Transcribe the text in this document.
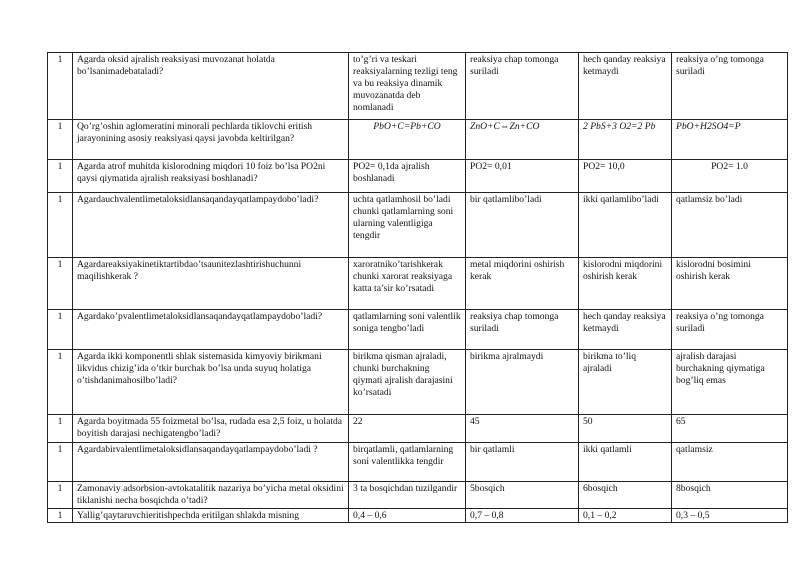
1	Agarda oksid ajralish reaksiyasi muvozanat holatda bo’lsanimadebataladi?	to’g’ri va teskari reaksiyalarning tezligi teng va bu reaksiya dinamik muvozanatda deb nomlanadi	reaksiya chap tomonga suriladi	hech qanday reaksiya ketmaydi	reaksiya o’ng tomonga suriladi
1	Qo’rg’oshin aglomeratini minorali pechlarda tiklovchi eritish jarayonining asosiy reaksiyasi qaysi javobda keltirilgan?	PbO+C=Pb+CO	ZnO+C⇔Zn+CO	2 PbS+3 O2=2 Pb	PbO+H2SO4=P
1	Agarda atrof muhitda kislorodning miqdori 10 foiz bo’lsa PO2ni qaysi qiymatida ajralish reaksiyasi boshlanadi?	PO2= 0,1da ajralish boshlanadi	PO2= 0,01	PO2= 10,0	PO2= 1.0
1	Agardauchvalentlimetaloksidlansaqandayqatlampaydobo’ladi?	uchta qatlamhosil bo’ladi chunki qatlamlarning soni ularning valentligiga tengdir	bir qatlamlibo’ladi	ikki qatlamlibo’ladi	qatlamsiz bo’ladi
1	Agardareaksiyakinetiktartibdao’tsaunitezlashtirishuchunni maqilishkerak ?	xaroratniko’tarishkerak chunki xarorat reaksiyaga katta ta’sir ko’rsatadi	metal miqdorini oshirish kerak	kislorodni miqdorini oshirish kerak	kislorodni bosimini oshirish kerak
1	Agardako’pvalentlimetaloksidlansaqandayqatlampaydobo’ladi?	qatlamlarning soni valentlik soniga tengbo’ladi	reaksiya chap tomonga suriladi	hech qanday reaksiya ketmaydi	reaksiya o’ng tomonga suriladi
1	Agarda ikki komponentli shlak sistemasida kimyoviy birikmani likvidus chizig’ida o’tkir burchak bo’lsa unda suyuq holatiga o’tishdanimahosilbo’ladi?	birikma qisman ajraladi, chunki burchakning qiymati ajralish darajasini ko’rsatadi	birikma ajralmaydi	birikma to’liq ajraladi	ajralish darajasi burchakning qiymatiga bog’liq emas
1	Agarda boyitmada 55 foizmetal bo’lsa, rudada esa 2,5 foiz, u holatda boyitish darajasi nechigatengbo’ladi?	22	45	50	65
1	Agardabirvalentlimetaloksidlansaqandayqatlampaydobo’ladi ?	birqatlamli, qatlamlarning soni valentlikka tengdir	bir qatlamli	ikki qatlamli	qatlamsiz
1	Zamonaviy adsorbsion-avtokatalitik nazariya bo’yicha metal oksidini tiklanishi necha bosqichda o’tadi?	3 ta bosqichdan tuzilgandir	5bosqich	6bosqich	8bosqich
1	Yallig’qaytaruvchieritishpechda eritilgan shlakda misning	0,4 – 0,6	0,7 – 0,8	0,1 – 0,2	0,3 – 0,5
